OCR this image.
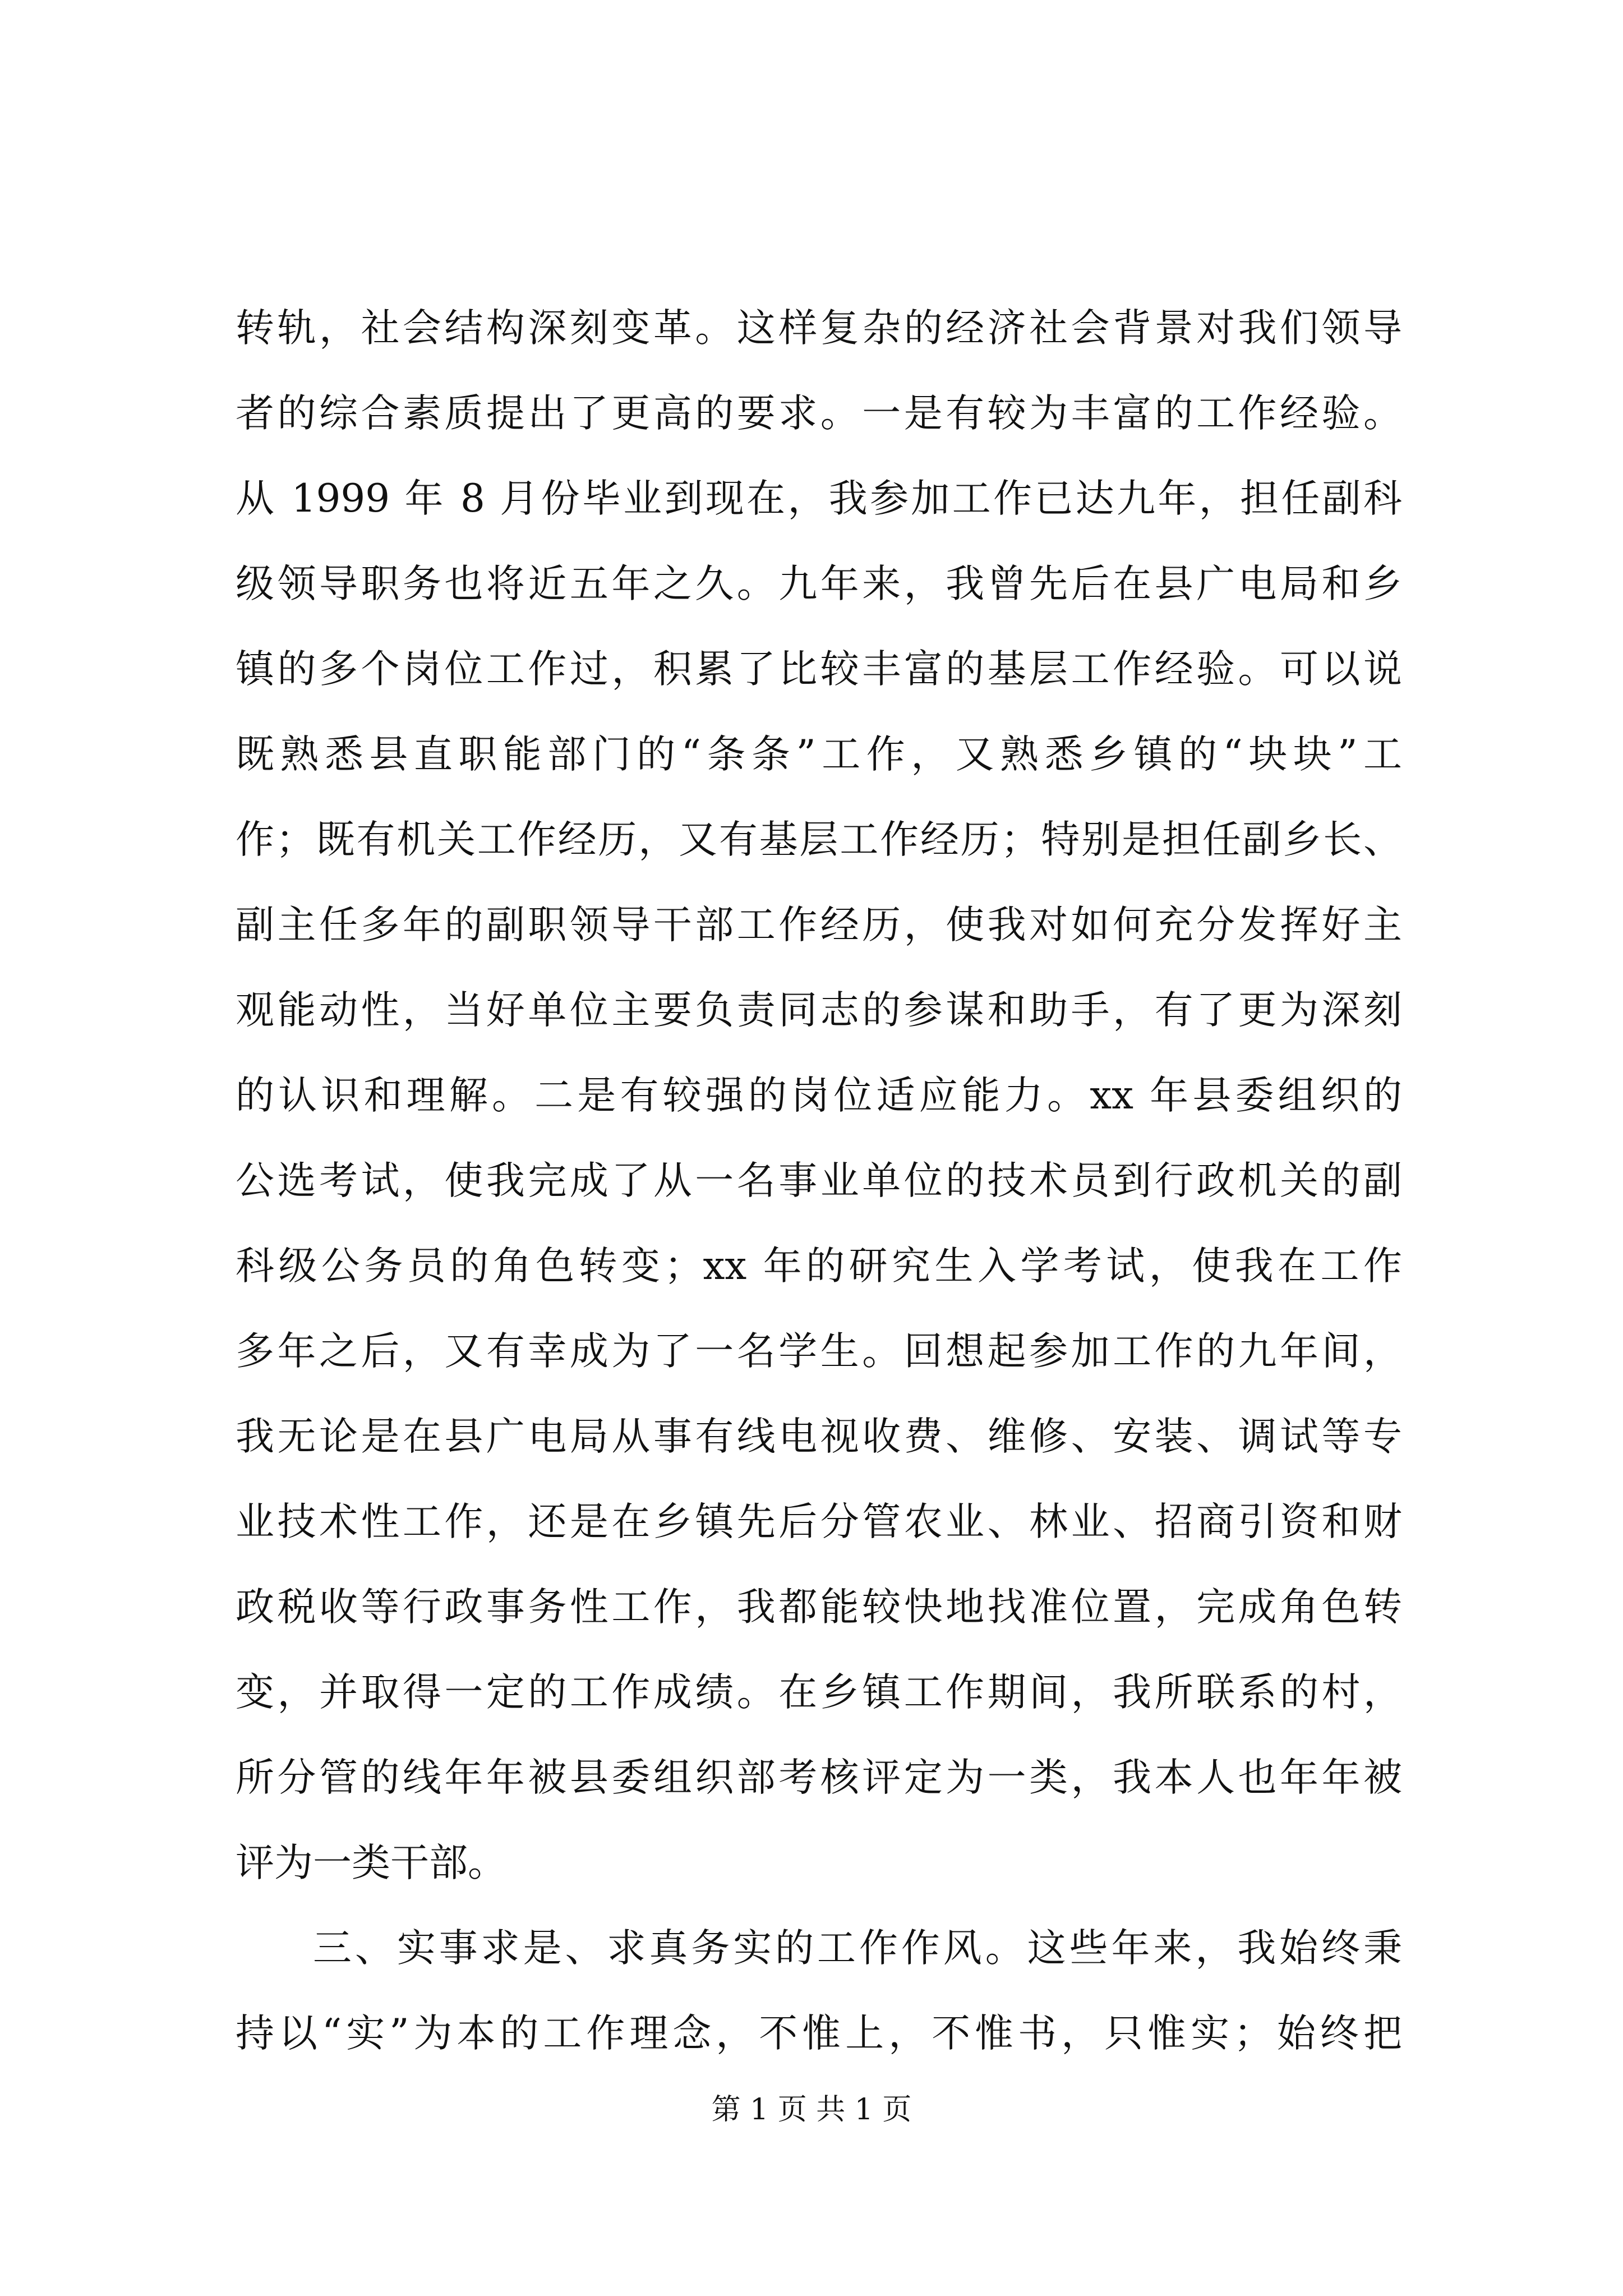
转轨，社会结构深刻变革。这样复杂的经济社会背景对我们领导
者的综合素质提出了更高的要求。一是有较为丰富的工作经验。
从 1999 年 8 月份毕业到现在，我参加工作已达九年，担任副科
级领导职务也将近五年之久。九年来，我曾先后在县广电局和乡
镇的多个岗位工作过，积累了比较丰富的基层工作经验。可以说
既熟悉县直职能部门的“条条”工作，又熟悉乡镇的“块块”工
作；既有机关工作经历，又有基层工作经历；特别是担任副乡长、
副主任多年的副职领导干部工作经历，使我对如何充分发挥好主
观能动性，当好单位主要负责同志的参谋和助手，有了更为深刻
的认识和理解。二是有较强的岗位适应能力。xx 年县委组织的
公选考试，使我完成了从一名事业单位的技术员到行政机关的副
科级公务员的角色转变；xx 年的研究生入学考试，使我在工作
多年之后，又有幸成为了一名学生。回想起参加工作的九年间，
我无论是在县广电局从事有线电视收费、维修、安装、调试等专
业技术性工作，还是在乡镇先后分管农业、林业、招商引资和财
政税收等行政事务性工作，我都能较快地找准位置，完成角色转
变，并取得一定的工作成绩。在乡镇工作期间，我所联系的村，
所分管的线年年被县委组织部考核评定为一类，我本人也年年被
评为一类干部。
三、实事求是、求真务实的工作作风。这些年来，我始终秉
持以“实”为本的工作理念，不惟上，不惟书，只惟实；始终把
第 1 页 共 1 页
